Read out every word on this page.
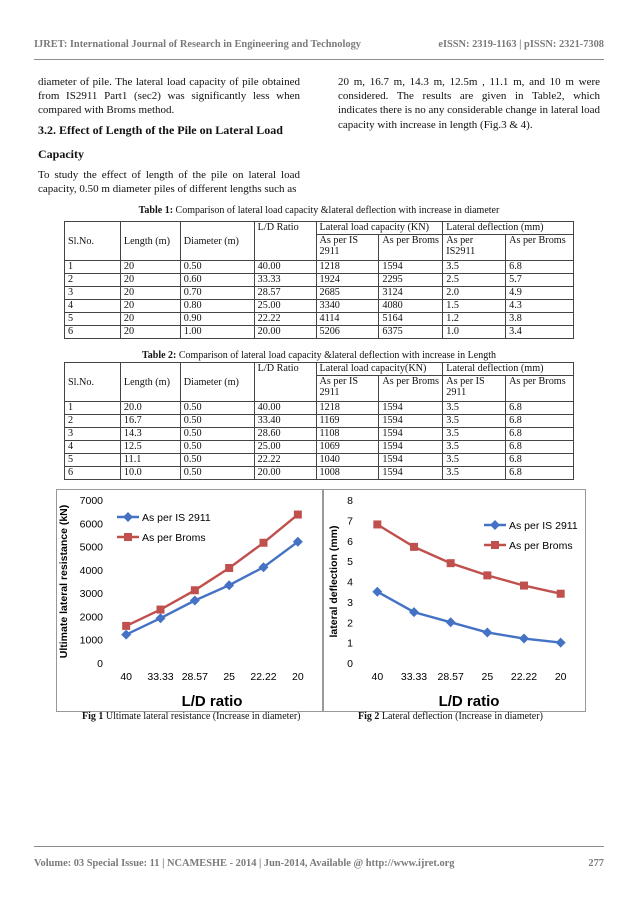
IJRET: International Journal of Research in Engineering and Technology	eISSN: 2319-1163 | pISSN: 2321-7308

diameter of pile. The lateral load capacity of pile obtained from IS2911 Part1 (sec2) was significantly less when compared with Broms method.

3.2. Effect of Length of the Pile on Lateral Load Capacity

To study the effect of length of the pile on lateral load capacity, 0.50 m diameter piles of different lengths such as

20 m, 16.7 m, 14.3 m, 12.5m , 11.1 m, and 10 m were considered. The results are given in Table2, which indicates there is no any considerable change in lateral load capacity with increase in length (Fig.3 & 4).

Table 1: Comparison of lateral load capacity &lateral deflection with increase in diameter
Sl.No.	Length (m)	Diameter (m)	L/D Ratio	Lateral load capacity (KN)		Lateral deflection (mm)	
				As per IS 2911	As per Broms	As per IS2911	As per Broms
1	20	0.50	40.00	1218	1594	3.5	6.8
2	20	0.60	33.33	1924	2295	2.5	5.7
3	20	0.70	28.57	2685	3124	2.0	4.9
4	20	0.80	25.00	3340	4080	1.5	4.3
5	20	0.90	22.22	4114	5164	1.2	3.8
6	20	1.00	20.00	5206	6375	1.0	3.4
Table 2: Comparison of lateral load capacity &lateral deflection with increase in Length
Sl.No.	Length (m)	Diameter (m)	L/D Ratio	Lateral load capacity(KN)		Lateral deflection (mm)	
				As per IS 2911	As per Broms	As per IS 2911	As per Broms
1	20.0	0.50	40.00	1218	1594	3.5	6.8
2	16.7	0.50	33.40	1169	1594	3.5	6.8
3	14.3	0.50	28.60	1108	1594	3.5	6.8
4	12.5	0.50	25.00	1069	1594	3.5	6.8
5	11.1	0.50	22.22	1040	1594	3.5	6.8
6	10.0	0.50	20.00	1008	1594	3.5	6.8
0
1000
2000
3000
4000
5000
6000
7000
40 33.33 28.57 25 22.22 20
Ultimate lateral resistance (kN)
L/D ratio
As per IS 2911
As per Broms
0
1
2
3
4
5
6
7
8
40 33.33 28.57 25 22.22 20
lateral deflection (mm)
L/D ratio
As per IS 2911
As per Broms
Fig 1 Ultimate lateral resistance (Increase in diameter)	Fig 2 Lateral deflection (Increase in diameter)
Volume: 03 Special Issue: 11 | NCAMESHE - 2014 | Jun-2014, Available @ http://www.ijret.org	277
